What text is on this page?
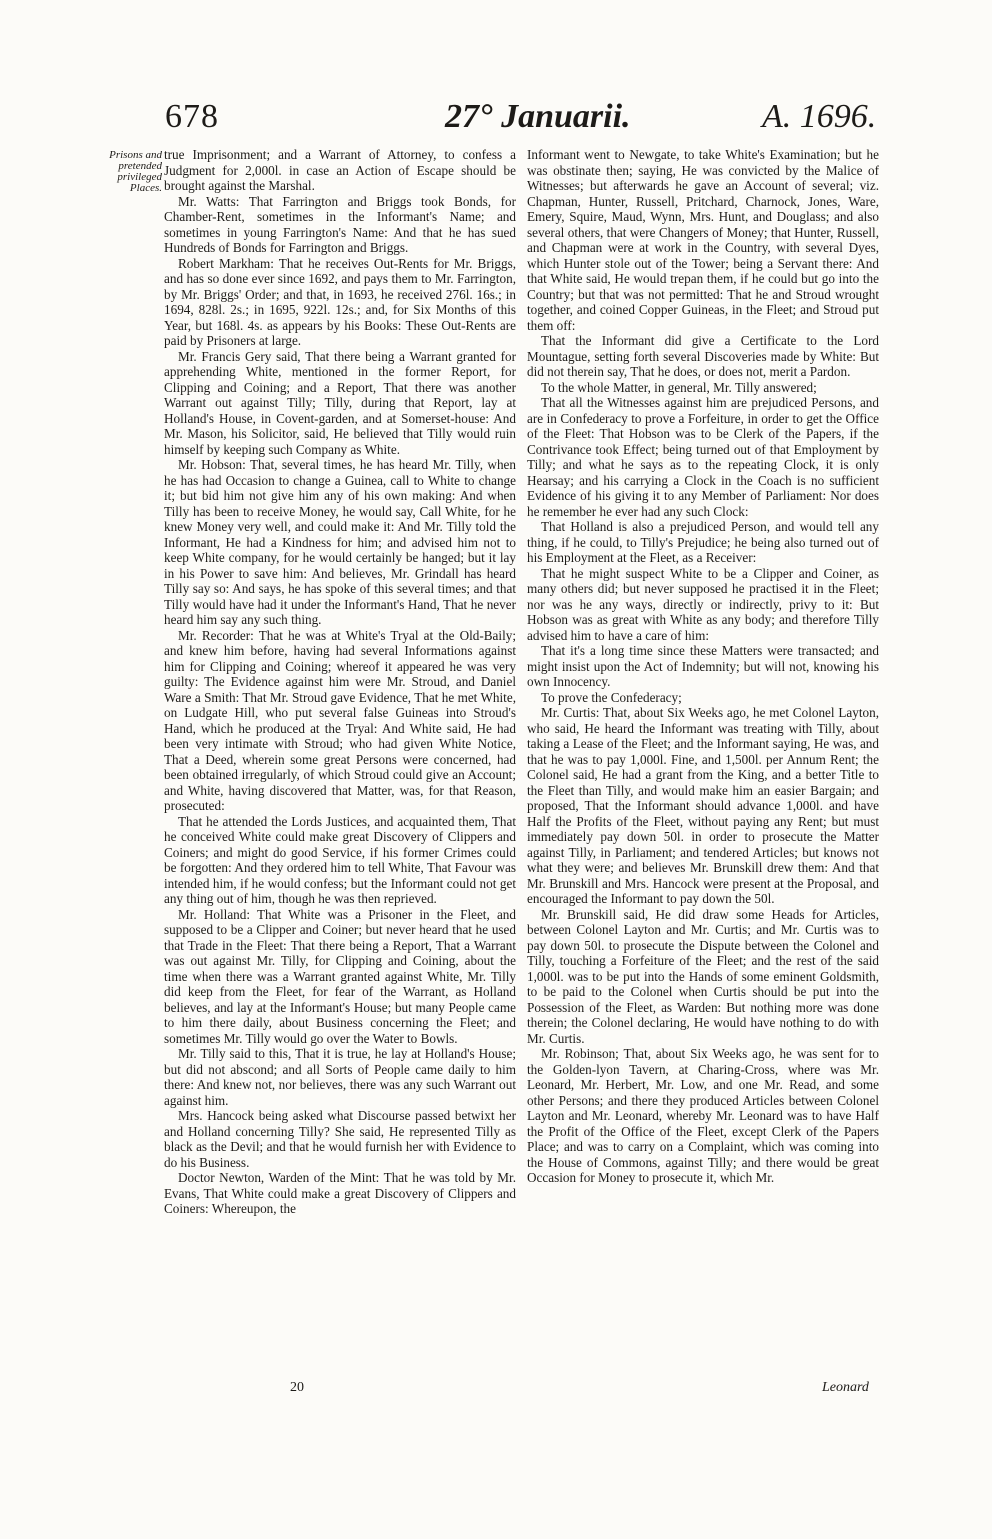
678	27° Januarii.	A. 1696.
Prisons and pretended privileged Places.

true Imprisonment; and a Warrant of Attorney, to confess a Judgment for 2,000l. in case an Action of Escape should be brought against the Marshal.

Mr. Watts: That Farrington and Briggs took Bonds, for Chamber-Rent, sometimes in the Informant's Name; and sometimes in young Farrington's Name: And that he has sued Hundreds of Bonds for Farrington and Briggs.

Robert Markham: That he receives Out-Rents for Mr. Briggs, and has so done ever since 1692, and pays them to Mr. Farrington, by Mr. Briggs' Order; and that, in 1693, he received 276l. 16s.; in 1694, 828l. 2s.; in 1695, 922l. 12s.; and, for Six Months of this Year, but 168l. 4s. as appears by his Books: These Out-Rents are paid by Prisoners at large.

Mr. Francis Gery said, That there being a Warrant granted for apprehending White, mentioned in the former Report, for Clipping and Coining; and a Report, That there was another Warrant out against Tilly; Tilly, during that Report, lay at Holland's House, in Covent-garden, and at Somerset-house: And Mr. Mason, his Solicitor, said, He believed that Tilly would ruin himself by keeping such Company as White.

Mr. Hobson: That, several times, he has heard Mr. Tilly, when he has had Occasion to change a Guinea, call to White to change it; but bid him not give him any of his own making: And when Tilly has been to receive Money, he would say, Call White, for he knew Money very well, and could make it: And Mr. Tilly told the Informant, He had a Kindness for him; and advised him not to keep White company, for he would certainly be hanged; but it lay in his Power to save him: And believes, Mr. Grindall has heard Tilly say so: And says, he has spoke of this several times; and that Tilly would have had it under the Informant's Hand, That he never heard him say any such thing.

Mr. Recorder: That he was at White's Tryal at the Old-Baily; and knew him before, having had several Informations against him for Clipping and Coining; whereof it appeared he was very guilty: The Evidence against him were Mr. Stroud, and Daniel Ware a Smith: That Mr. Stroud gave Evidence, That he met White, on Ludgate Hill, who put several false Guineas into Stroud's Hand, which he produced at the Tryal: And White said, He had been very intimate with Stroud; who had given White Notice, That a Deed, wherein some great Persons were concerned, had been obtained irregularly, of which Stroud could give an Account; and White, having discovered that Matter, was, for that Reason, prosecuted:

That he attended the Lords Justices, and acquainted them, That he conceived White could make great Discovery of Clippers and Coiners; and might do good Service, if his former Crimes could be forgotten: And they ordered him to tell White, That Favour was intended him, if he would confess; but the Informant could not get any thing out of him, though he was then reprieved.

Mr. Holland: That White was a Prisoner in the Fleet, and supposed to be a Clipper and Coiner; but never heard that he used that Trade in the Fleet: That there being a Report, That a Warrant was out against Mr. Tilly, for Clipping and Coining, about the time when there was a Warrant granted against White, Mr. Tilly did keep from the Fleet, for fear of the Warrant, as Holland believes, and lay at the Informant's House; but many People came to him there daily, about Business concerning the Fleet; and sometimes Mr. Tilly would go over the Water to Bowls.

Mr. Tilly said to this, That it is true, he lay at Holland's House; but did not abscond; and all Sorts of People came daily to him there: And knew not, nor believes, there was any such Warrant out against him.

Mrs. Hancock being asked what Discourse passed betwixt her and Holland concerning Tilly? She said, He represented Tilly as black as the Devil; and that he would furnish her with Evidence to do his Business.

Doctor Newton, Warden of the Mint: That he was told by Mr. Evans, That White could make a great Discovery of Clippers and Coiners: Whereupon, the

Informant went to Newgate, to take White's Examination; but he was obstinate then; saying, He was convicted by the Malice of Witnesses; but afterwards he gave an Account of several; viz. Chapman, Hunter, Russell, Pritchard, Charnock, Jones, Ware, Emery, Squire, Maud, Wynn, Mrs. Hunt, and Douglass; and also several others, that were Changers of Money; that Hunter, Russell, and Chapman were at work in the Country, with several Dyes, which Hunter stole out of the Tower; being a Servant there: And that White said, He would trepan them, if he could but go into the Country; but that was not permitted: That he and Stroud wrought together, and coined Copper Guineas, in the Fleet; and Stroud put them off:

That the Informant did give a Certificate to the Lord Mountague, setting forth several Discoveries made by White: But did not therein say, That he does, or does not, merit a Pardon.

To the whole Matter, in general, Mr. Tilly answered;

That all the Witnesses against him are prejudiced Persons, and are in Confederacy to prove a Forfeiture, in order to get the Office of the Fleet: That Hobson was to be Clerk of the Papers, if the Contrivance took Effect; being turned out of that Employment by Tilly; and what he says as to the repeating Clock, it is only Hearsay; and his carrying a Clock in the Coach is no sufficient Evidence of his giving it to any Member of Parliament: Nor does he remember he ever had any such Clock:

That Holland is also a prejudiced Person, and would tell any thing, if he could, to Tilly's Prejudice; he being also turned out of his Employment at the Fleet, as a Receiver:

That he might suspect White to be a Clipper and Coiner, as many others did; but never supposed he practised it in the Fleet; nor was he any ways, directly or indirectly, privy to it: But Hobson was as great with White as any body; and therefore Tilly advised him to have a care of him:

That it's a long time since these Matters were transacted; and might insist upon the Act of Indemnity; but will not, knowing his own Innocency.

To prove the Confederacy;

Mr. Curtis: That, about Six Weeks ago, he met Colonel Layton, who said, He heard the Informant was treating with Tilly, about taking a Lease of the Fleet; and the Informant saying, He was, and that he was to pay 1,000l. Fine, and 1,500l. per Annum Rent; the Colonel said, He had a grant from the King, and a better Title to the Fleet than Tilly, and would make him an easier Bargain; and proposed, That the Informant should advance 1,000l. and have Half the Profits of the Fleet, without paying any Rent; but must immediately pay down 50l. in order to prosecute the Matter against Tilly, in Parliament; and tendered Articles; but knows not what they were; and believes Mr. Brunskill drew them: And that Mr. Brunskill and Mrs. Hancock were present at the Proposal, and encouraged the Informant to pay down the 50l.

Mr. Brunskill said, He did draw some Heads for Articles, between Colonel Layton and Mr. Curtis; and Mr. Curtis was to pay down 50l. to prosecute the Dispute between the Colonel and Tilly, touching a Forfeiture of the Fleet; and the rest of the said 1,000l. was to be put into the Hands of some eminent Goldsmith, to be paid to the Colonel when Curtis should be put into the Possession of the Fleet, as Warden: But nothing more was done therein; the Colonel declaring, He would have nothing to do with Mr. Curtis.

Mr. Robinson; That, about Six Weeks ago, he was sent for to the Golden-lyon Tavern, at Charing-Cross, where was Mr. Leonard, Mr. Herbert, Mr. Low, and one Mr. Read, and some other Persons; and there they produced Articles between Colonel Layton and Mr. Leonard, whereby Mr. Leonard was to have Half the Profit of the Office of the Fleet, except Clerk of the Papers Place; and was to carry on a Complaint, which was coming into the House of Commons, against Tilly; and there would be great Occasion for Money to prosecute it, which Mr.

20	Leonard
